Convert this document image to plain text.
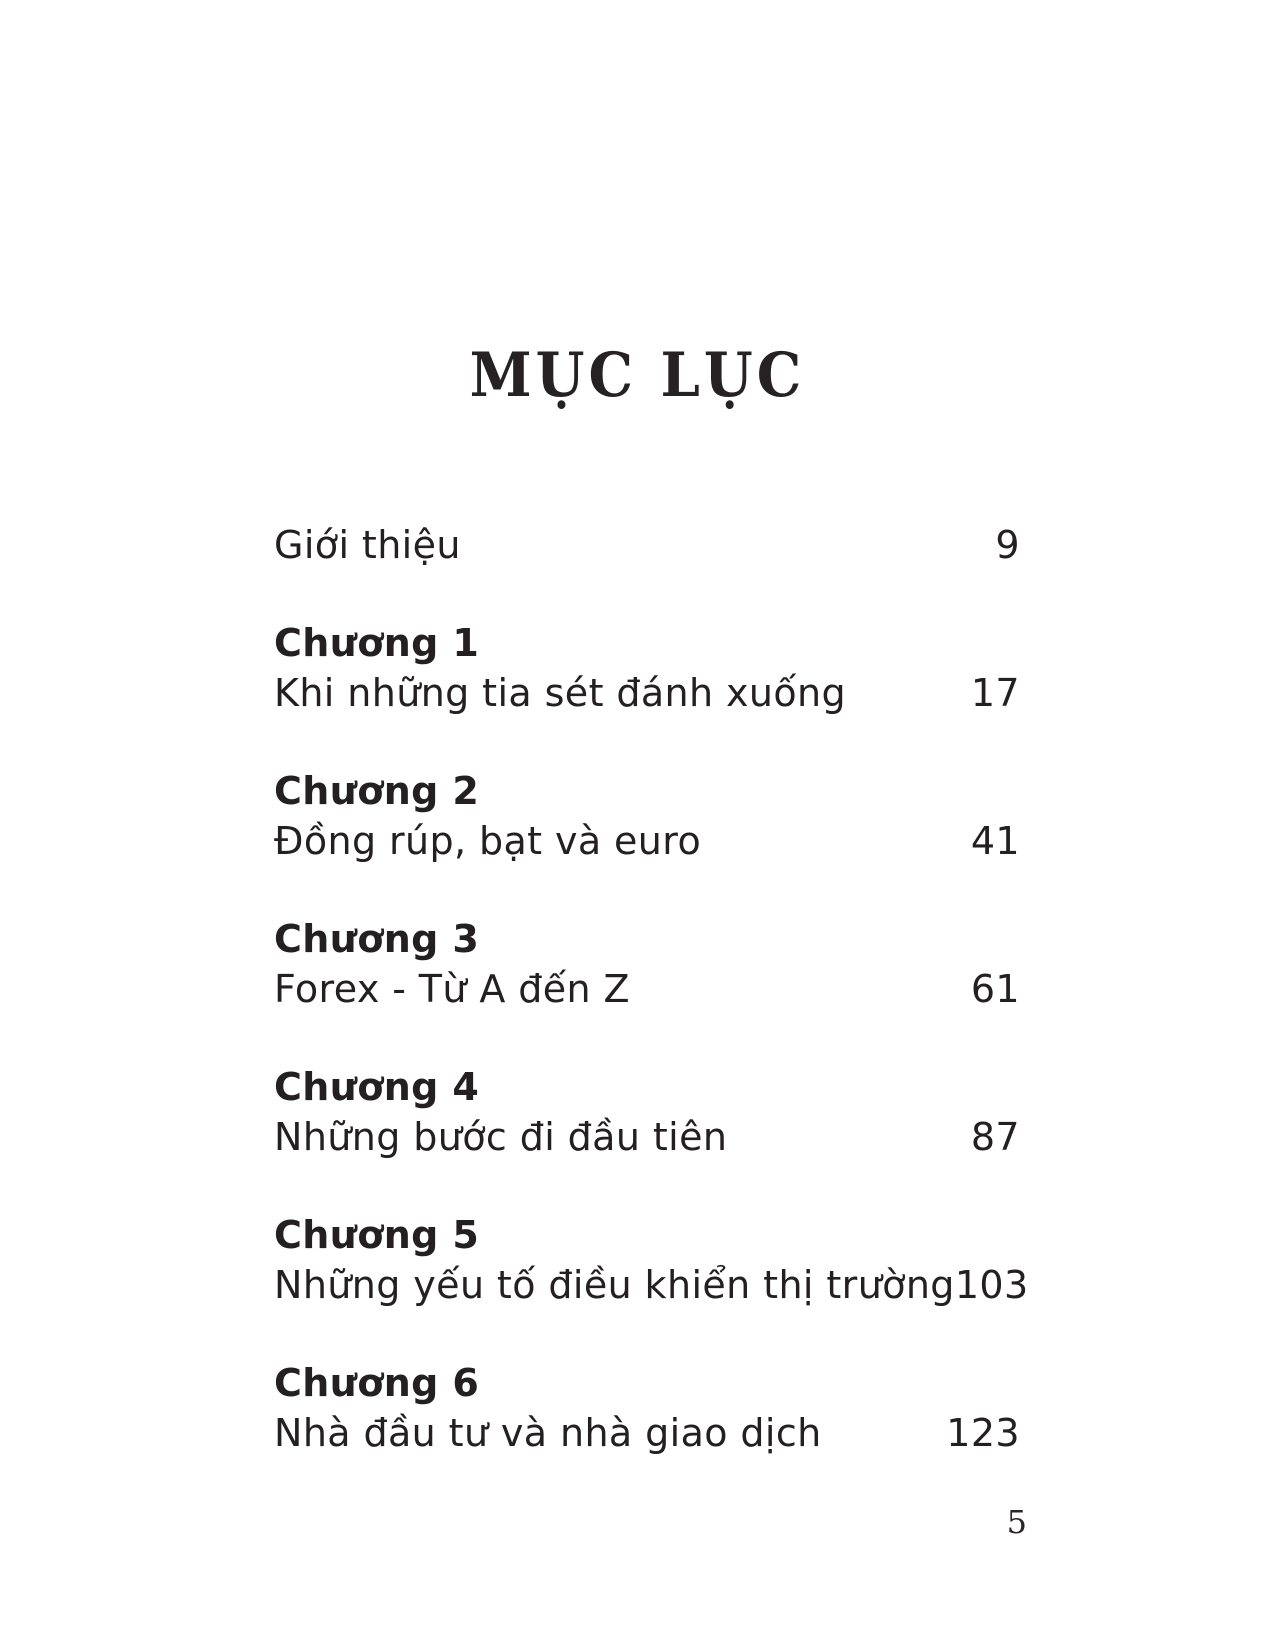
MỤC LỤC
Giới thiệu	9
Chương 1
Khi những tia sét đánh xuống	17
Chương 2
Đồng rúp, bạt và euro	41
Chương 3
Forex - Từ A đến Z	61
Chương 4
Những bước đi đầu tiên	87
Chương 5
Những yếu tố điều khiển thị trường 103
Chương 6
Nhà đầu tư và nhà giao dịch	123
5
